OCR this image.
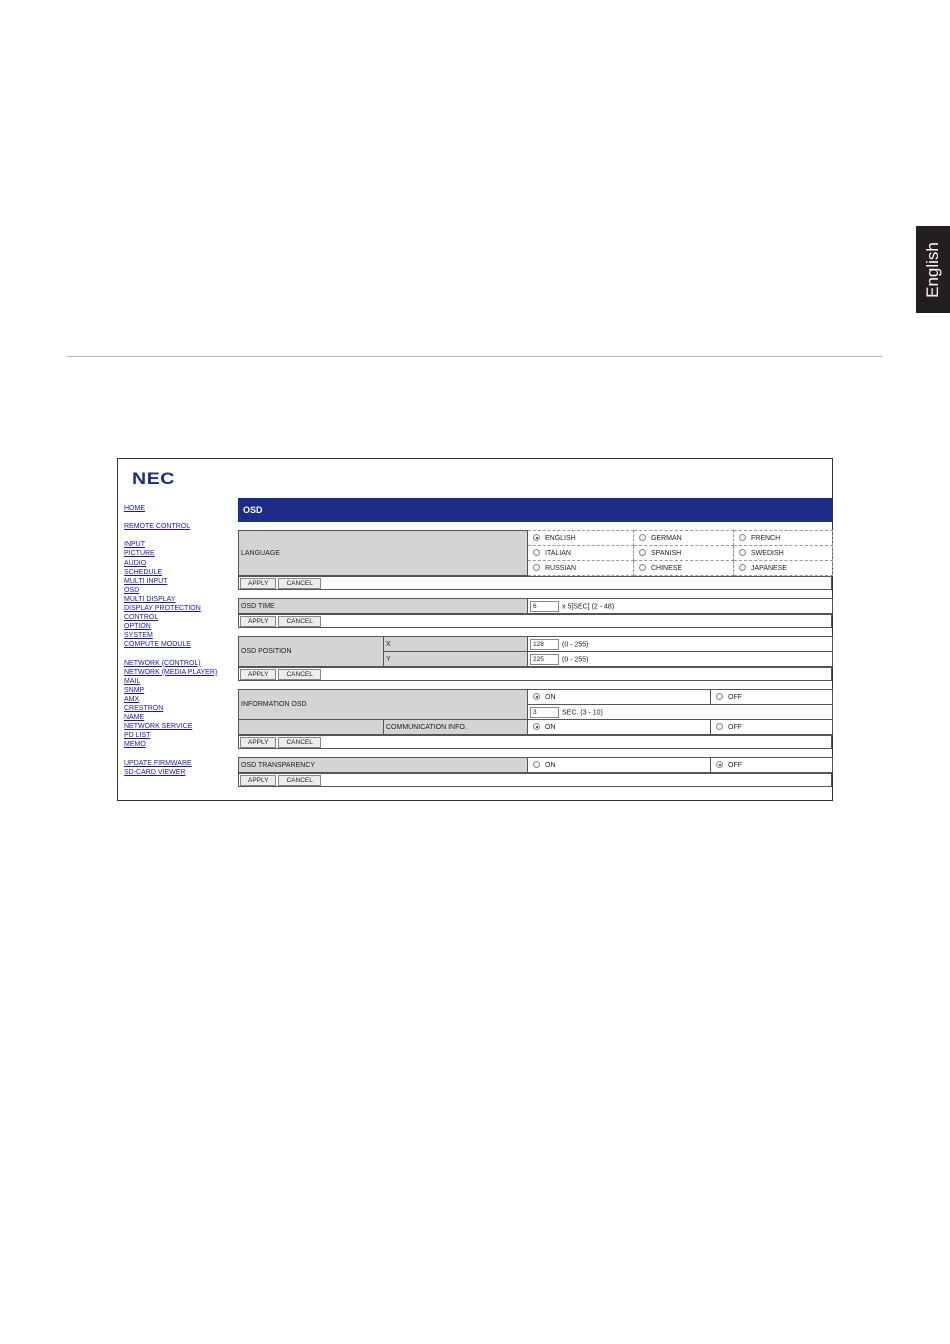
English
NEC
HOME
REMOTE CONTROL
INPUT
PICTURE
AUDIO
SCHEDULE
MULTI INPUT
OSD
MULTI DISPLAY
DISPLAY PROTECTION
CONTROL
OPTION
SYSTEM
COMPUTE MODULE
NETWORK (CONTROL)
NETWORK (MEDIA PLAYER)
MAIL
SNMP
AMX
CRESTRON
NAME
NETWORK SERVICE
PD LIST
MEMO
UPDATE FIRMWARE
SD-CARD VIEWER
OSD
LANGUAGE	ENGLISH	GERMAN	FRENCH
	ITALIAN	SPANISH	SWEDISH
	RUSSIAN	CHINESE	JAPANESE
APPLY	CANCEL
OSD TIME	6	x 5[SEC] (2 - 48)
APPLY	CANCEL
OSD POSITION	X	128 (0 - 255)
	Y	225 (0 - 255)
APPLY	CANCEL
INFORMATION OSD		ON	OFF
		3 SEC. (3 - 10)	
	COMMUNICATION INFO.	ON	OFF
APPLY	CANCEL
OSD TRANSPARENCY	ON	OFF
APPLY	CANCEL
